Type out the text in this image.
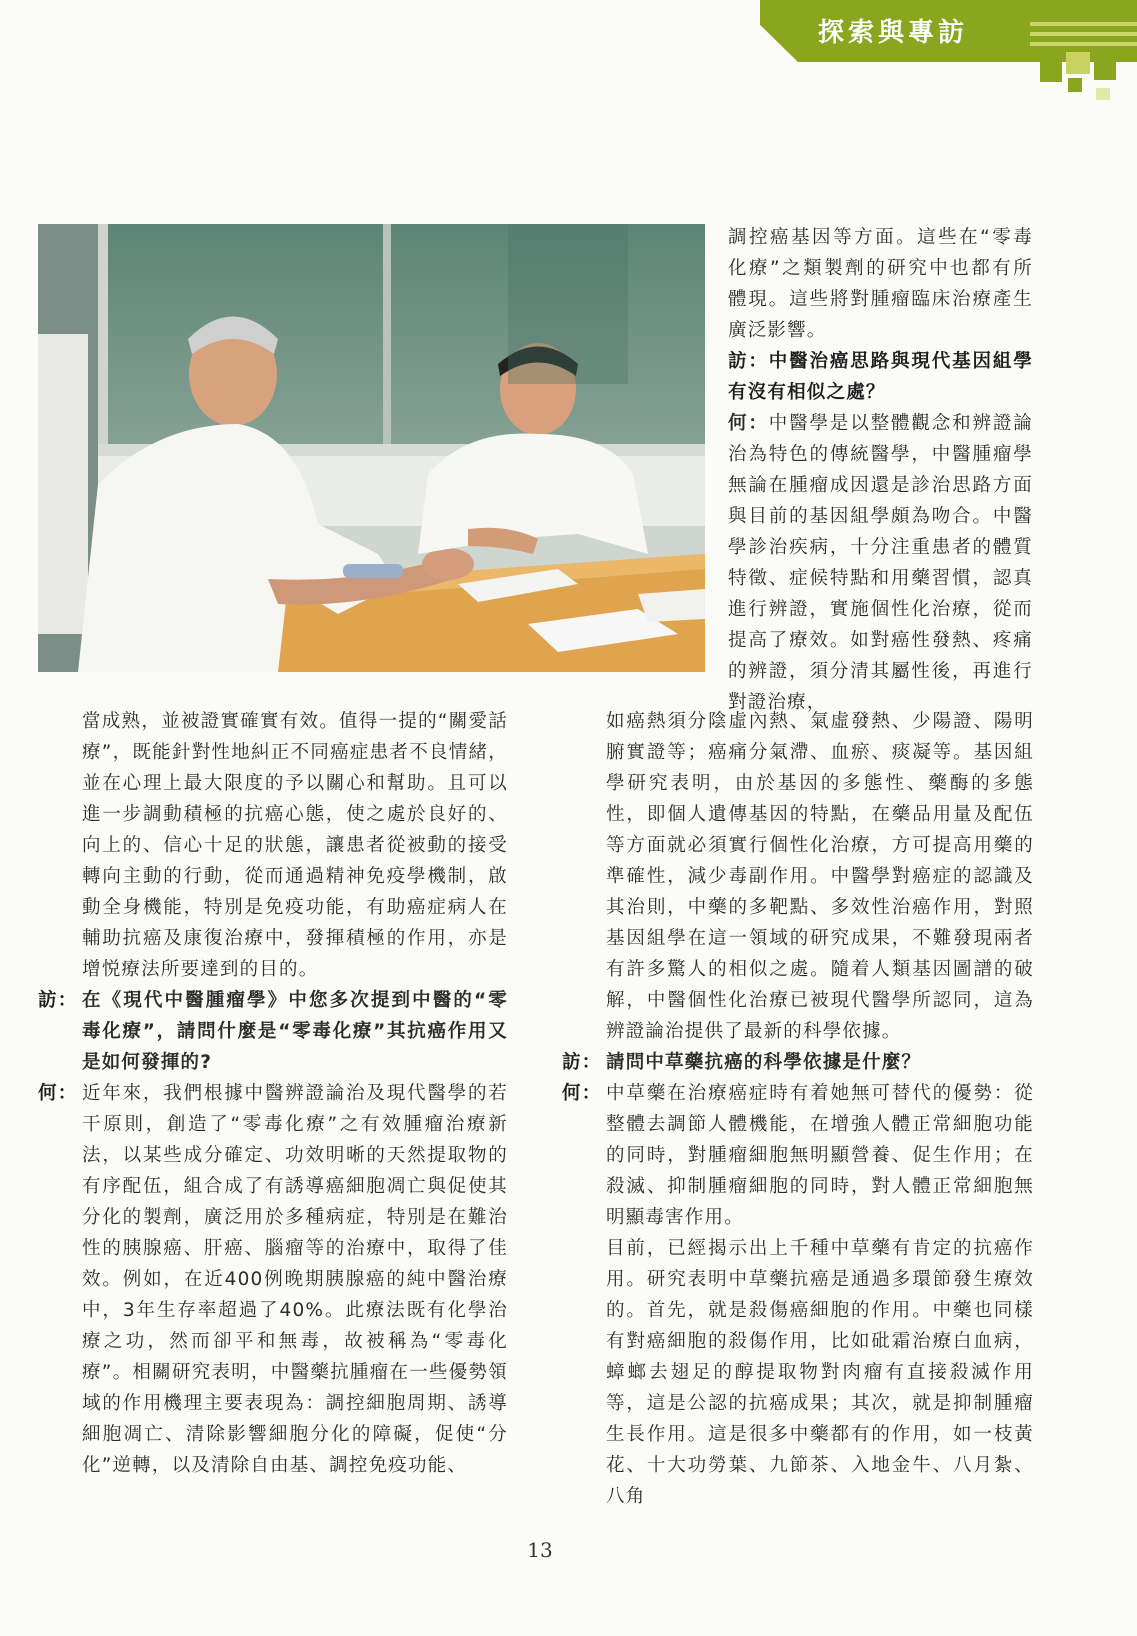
探索與專訪

調控癌基因等方面。這些在“零毒化療”之類製劑的研究中也都有所體現。這些將對腫瘤臨床治療產生廣泛影響。

訪：中醫治癌思路與現代基因組學有沒有相似之處？

何：中醫學是以整體觀念和辨證論治為特色的傳統醫學，中醫腫瘤學無論在腫瘤成因還是診治思路方面與目前的基因組學頗為吻合。中醫學診治疾病，十分注重患者的體質特徵、症候特點和用藥習慣，認真進行辨證，實施個性化治療，從而提高了療效。如對癌性發熱、疼痛的辨證，須分清其屬性後，再進行對證治療，

當成熟，並被證實確實有效。值得一提的“關愛話療”，既能針對性地糾正不同癌症患者不良情緒，並在心理上最大限度的予以關心和幫助。且可以進一步調動積極的抗癌心態，使之處於良好的、向上的、信心十足的狀態，讓患者從被動的接受轉向主動的行動，從而通過精神免疫學機制，啟動全身機能，特別是免疫功能，有助癌症病人在輔助抗癌及康復治療中，發揮積極的作用，亦是增悦療法所要達到的目的。

訪： 在《現代中醫腫瘤學》中您多次提到中醫的“零毒化療”，請問什麼是“零毒化療”其抗癌作用又是如何發揮的?
何： 近年來，我們根據中醫辨證論治及現代醫學的若干原則，創造了“零毒化療”之有效腫瘤治療新法，以某些成分確定、功效明晰的天然提取物的有序配伍，組合成了有誘導癌細胞凋亡與促使其分化的製劑，廣泛用於多種病症，特別是在難治性的胰腺癌、肝癌、腦瘤等的治療中，取得了佳效。例如，在近400例晚期胰腺癌的純中醫治療中，3年生存率超過了40%。此療法既有化學治療之功，然而卻平和無毒，故被稱為“零毒化療”。相關研究表明，中醫藥抗腫瘤在一些優勢領域的作用機理主要表現為：調控細胞周期、誘導細胞凋亡、清除影響細胞分化的障礙，促使“分化”逆轉，以及清除自由基、調控免疫功能、

如癌熱須分陰虛內熱、氣虛發熱、少陽證、陽明腑實證等；癌痛分氣滯、血瘀、痰凝等。基因組學研究表明，由於基因的多態性、藥酶的多態性，即個人遺傳基因的特點，在藥品用量及配伍等方面就必須實行個性化治療，方可提高用藥的準確性，減少毒副作用。中醫學對癌症的認識及其治則，中藥的多靶點、多效性治癌作用，對照基因組學在這一領域的研究成果，不難發現兩者有許多驚人的相似之處。隨着人類基因圖譜的破解，中醫個性化治療已被現代醫學所認同，這為辨證論治提供了最新的科學依據。

訪： 請問中草藥抗癌的科學依據是什麼？
何： 中草藥在治療癌症時有着她無可替代的優勢：從整體去調節人體機能，在增強人體正常細胞功能的同時，對腫瘤細胞無明顯營養、促生作用；在殺滅、抑制腫瘤細胞的同時，對人體正常細胞無明顯毒害作用。

目前，已經揭示出上千種中草藥有肯定的抗癌作用。研究表明中草藥抗癌是通過多環節發生療效的。首先，就是殺傷癌細胞的作用。中藥也同樣有對癌細胞的殺傷作用，比如砒霜治療白血病，蟑螂去翅足的醇提取物對肉瘤有直接殺滅作用等，這是公認的抗癌成果；其次，就是抑制腫瘤生長作用。這是很多中藥都有的作用，如一枝黃花、十大功勞葉、九節茶、入地金牛、八月紮、八角

13
